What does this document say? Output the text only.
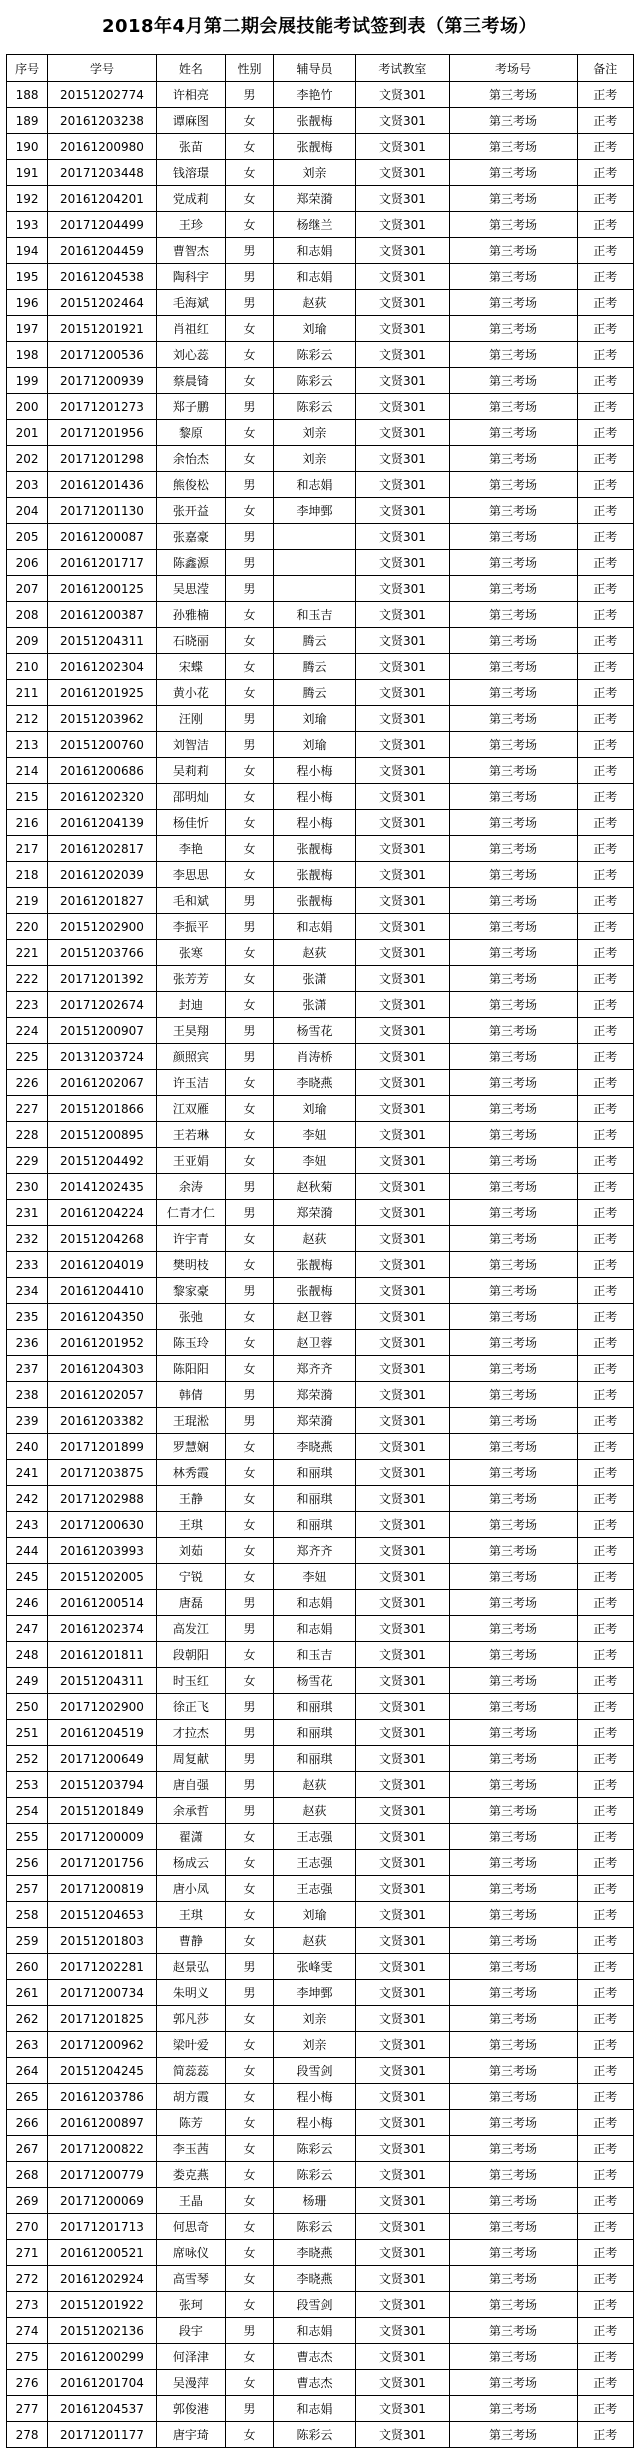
2018年4月第二期会展技能考试签到表（第三考场）
序号	学号	姓名	性别	辅导员	考试教室	考场号	备注
188	20151202774	许相亮	男	李艳竹	文贤301	第三考场	正考
189	20161203238	谭麻图	女	张靓梅	文贤301	第三考场	正考
190	20161200980	张苗	女	张靓梅	文贤301	第三考场	正考
191	20171203448	钱溶璟	女	刘亲	文贤301	第三考场	正考
192	20161204201	党成莉	女	郑荣漪	文贤301	第三考场	正考
193	20171204499	王珍	女	杨继兰	文贤301	第三考场	正考
194	20161204459	曹智杰	男	和志娟	文贤301	第三考场	正考
195	20161204538	陶科宇	男	和志娟	文贤301	第三考场	正考
196	20151202464	毛海斌	男	赵荻	文贤301	第三考场	正考
197	20151201921	肖祖红	女	刘瑜	文贤301	第三考场	正考
198	20171200536	刘心蕊	女	陈彩云	文贤301	第三考场	正考
199	20171200939	蔡晨锜	女	陈彩云	文贤301	第三考场	正考
200	20171201273	郑子鹏	男	陈彩云	文贤301	第三考场	正考
201	20171201956	黎原	女	刘亲	文贤301	第三考场	正考
202	20171201298	余怡杰	女	刘亲	文贤301	第三考场	正考
203	20161201436	熊俊松	男	和志娟	文贤301	第三考场	正考
204	20171201130	张开益	女	李坤鄄	文贤301	第三考场	正考
205	20161200087	张嘉豪	男		文贤301	第三考场	正考
206	20161201717	陈鑫源	男		文贤301	第三考场	正考
207	20161200125	吴思滢	男		文贤301	第三考场	正考
208	20161200387	孙雅楠	女	和玉吉	文贤301	第三考场	正考
209	20151204311	石晓丽	女	腾云	文贤301	第三考场	正考
210	20161202304	宋蝶	女	腾云	文贤301	第三考场	正考
211	20161201925	黄小花	女	腾云	文贤301	第三考场	正考
212	20151203962	汪刚	男	刘瑜	文贤301	第三考场	正考
213	20151200760	刘智洁	男	刘瑜	文贤301	第三考场	正考
214	20161200686	吴莉莉	女	程小梅	文贤301	第三考场	正考
215	20161202320	邵明灿	女	程小梅	文贤301	第三考场	正考
216	20161204139	杨佳忻	女	程小梅	文贤301	第三考场	正考
217	20161202817	李艳	女	张靓梅	文贤301	第三考场	正考
218	20161202039	李思思	女	张靓梅	文贤301	第三考场	正考
219	20161201827	毛和斌	男	张靓梅	文贤301	第三考场	正考
220	20151202900	李振平	男	和志娟	文贤301	第三考场	正考
221	20151203766	张寒	女	赵荻	文贤301	第三考场	正考
222	20171201392	张芳芳	女	张潇	文贤301	第三考场	正考
223	20171202674	封迪	女	张潇	文贤301	第三考场	正考
224	20151200907	王昊翔	男	杨雪花	文贤301	第三考场	正考
225	20131203724	颜照宾	男	肖涛桥	文贤301	第三考场	正考
226	20161202067	许玉洁	女	李晓燕	文贤301	第三考场	正考
227	20151201866	江双雁	女	刘瑜	文贤301	第三考场	正考
228	20151200895	王若琳	女	李妞	文贤301	第三考场	正考
229	20151204492	王亚娟	女	李妞	文贤301	第三考场	正考
230	20141202435	余涛	男	赵秋菊	文贤301	第三考场	正考
231	20161204224	仁青才仁	男	郑荣漪	文贤301	第三考场	正考
232	20151204268	许宇青	女	赵荻	文贤301	第三考场	正考
233	20161204019	樊明枝	女	张靓梅	文贤301	第三考场	正考
234	20161204410	黎家豪	男	张靓梅	文贤301	第三考场	正考
235	20161204350	张弛	女	赵卫蓉	文贤301	第三考场	正考
236	20161201952	陈玉玲	女	赵卫蓉	文贤301	第三考场	正考
237	20161204303	陈阳阳	女	郑齐齐	文贤301	第三考场	正考
238	20161202057	韩倩	男	郑荣漪	文贤301	第三考场	正考
239	20161203382	王琨淞	男	郑荣漪	文贤301	第三考场	正考
240	20171201899	罗慧娴	女	李晓燕	文贤301	第三考场	正考
241	20171203875	林秀霞	女	和丽琪	文贤301	第三考场	正考
242	20171202988	王静	女	和丽琪	文贤301	第三考场	正考
243	20171200630	王琪	女	和丽琪	文贤301	第三考场	正考
244	20161203993	刘茹	女	郑齐齐	文贤301	第三考场	正考
245	20151202005	宁锐	女	李妞	文贤301	第三考场	正考
246	20161200514	唐磊	男	和志娟	文贤301	第三考场	正考
247	20161202374	高发江	男	和志娟	文贤301	第三考场	正考
248	20161201811	段朝阳	女	和玉吉	文贤301	第三考场	正考
249	20151204311	时玉红	女	杨雪花	文贤301	第三考场	正考
250	20171202900	徐正飞	男	和丽琪	文贤301	第三考场	正考
251	20161204519	才拉杰	男	和丽琪	文贤301	第三考场	正考
252	20171200649	周复献	男	和丽琪	文贤301	第三考场	正考
253	20151203794	唐自强	男	赵荻	文贤301	第三考场	正考
254	20151201849	余承哲	男	赵荻	文贤301	第三考场	正考
255	20171200009	翟潇	女	王志强	文贤301	第三考场	正考
256	20171201756	杨成云	女	王志强	文贤301	第三考场	正考
257	20171200819	唐小凤	女	王志强	文贤301	第三考场	正考
258	20151204653	王琪	女	刘瑜	文贤301	第三考场	正考
259	20151201803	曹静	女	赵荻	文贤301	第三考场	正考
260	20171202281	赵景弘	男	张峰雯	文贤301	第三考场	正考
261	20171200734	朱明义	男	李坤鄄	文贤301	第三考场	正考
262	20171201825	郭凡莎	女	刘亲	文贤301	第三考场	正考
263	20171200962	梁叶爱	女	刘亲	文贤301	第三考场	正考
264	20151204245	简蕊蕊	女	段雪剑	文贤301	第三考场	正考
265	20161203786	胡方霞	女	程小梅	文贤301	第三考场	正考
266	20161200897	陈芳	女	程小梅	文贤301	第三考场	正考
267	20171200822	李玉茜	女	陈彩云	文贤301	第三考场	正考
268	20171200779	娄克燕	女	陈彩云	文贤301	第三考场	正考
269	20171200069	王晶	女	杨珊	文贤301	第三考场	正考
270	20171201713	何思奇	女	陈彩云	文贤301	第三考场	正考
271	20161200521	席咏仪	女	李晓燕	文贤301	第三考场	正考
272	20161202924	高雪琴	女	李晓燕	文贤301	第三考场	正考
273	20151201922	张珂	女	段雪剑	文贤301	第三考场	正考
274	20151202136	段宇	男	和志娟	文贤301	第三考场	正考
275	20161200299	何泽津	女	曹志杰	文贤301	第三考场	正考
276	20161201704	吴漫萍	女	曹志杰	文贤301	第三考场	正考
277	20161204537	郭俊港	男	和志娟	文贤301	第三考场	正考
278	20171201177	唐宇琦	女	陈彩云	文贤301	第三考场	正考
